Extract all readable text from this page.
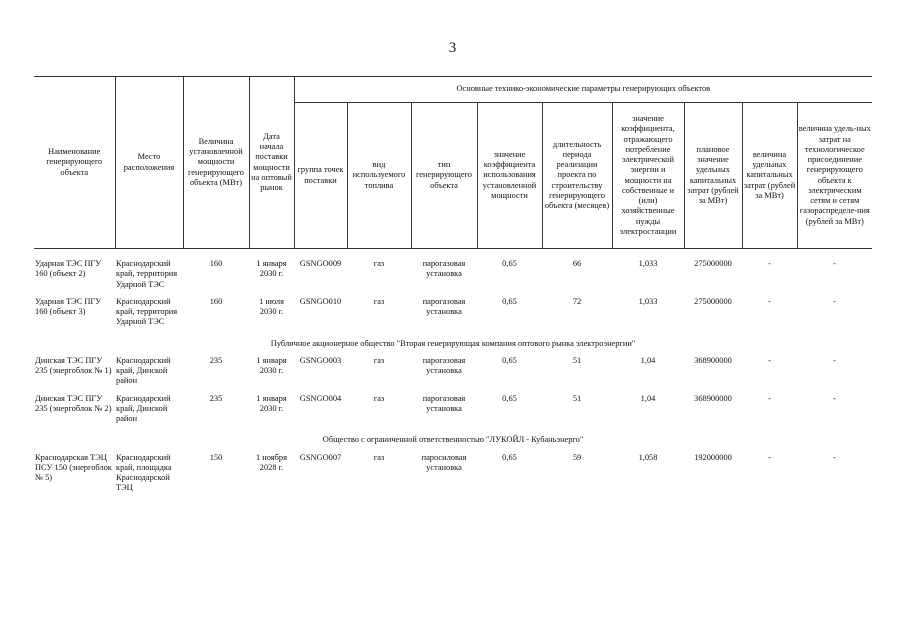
3
Наименование генерирующего объекта	Место расположения	Величина установленной мощности генерирующего объекта (МВт)	Дата начала поставки мощности на оптовый рынок	Основные технико-экономические параметры генерирующих объектов								
				группа точек поставки	вид используемого топлива	тип генерирующего объекта	значение коэффициента использования установленной мощности	длительность периода реализации проекта по строительству генерирующего объекта (месяцев)	значение коэффициента, отражающего потребление электрической энергии и мощности на собственные и (или) хозяйственные нужды электростанции	плановое значение удельных капитальных затрат (рублей за МВт)	величина удельных капитальных затрат (рублей за МВт)	величина удель-ных затрат на технологическое присоединение генерирующего объекта к электрическим сетям и сетям газораспределе-ния (рублей за МВт)

Ударная ТЭС ПГУ 160 (объект 2)	Краснодарский край, территория Ударной ТЭС	160	1 января 2030 г.	GSNGO009	газ	парогазовая установка	0,65	66	1,033	275000000	-	-
Ударная ТЭС ПГУ 160 (объект 3)	Краснодарский край, территория Ударной ТЭС	160	1 июля 2030 г.	GSNGO010	газ	парогазовая установка	0,65	72	1,033	275000000	-	-
Публичное акционерное общество "Вторая генерирующая компания оптового рынка электроэнергии"												
Динская ТЭС ПГУ 235 (энергоблок № 1)	Краснодарский край, Динской район	235	1 января 2030 г.	GSNGO003	газ	парогазовая установка	0,65	51	1,04	368900000	-	-
Динская ТЭС ПГУ 235 (энергоблок № 2)	Краснодарский край, Динской район	235	1 января 2030 г.	GSNGO004	газ	парогазовая установка	0,65	51	1,04	368900000	-	-
Общество с ограниченной ответственностью "ЛУКОЙЛ - Кубаньэнерго"												
Краснодарская ТЭЦ ПСУ 150 (энергоблок № 5)	Краснодарский край, площадка Краснодарской ТЭЦ	150	1 ноября 2028 г.	GSNGO007	газ	паросиловая установка	0,65	59	1,058	192000000	-	-
